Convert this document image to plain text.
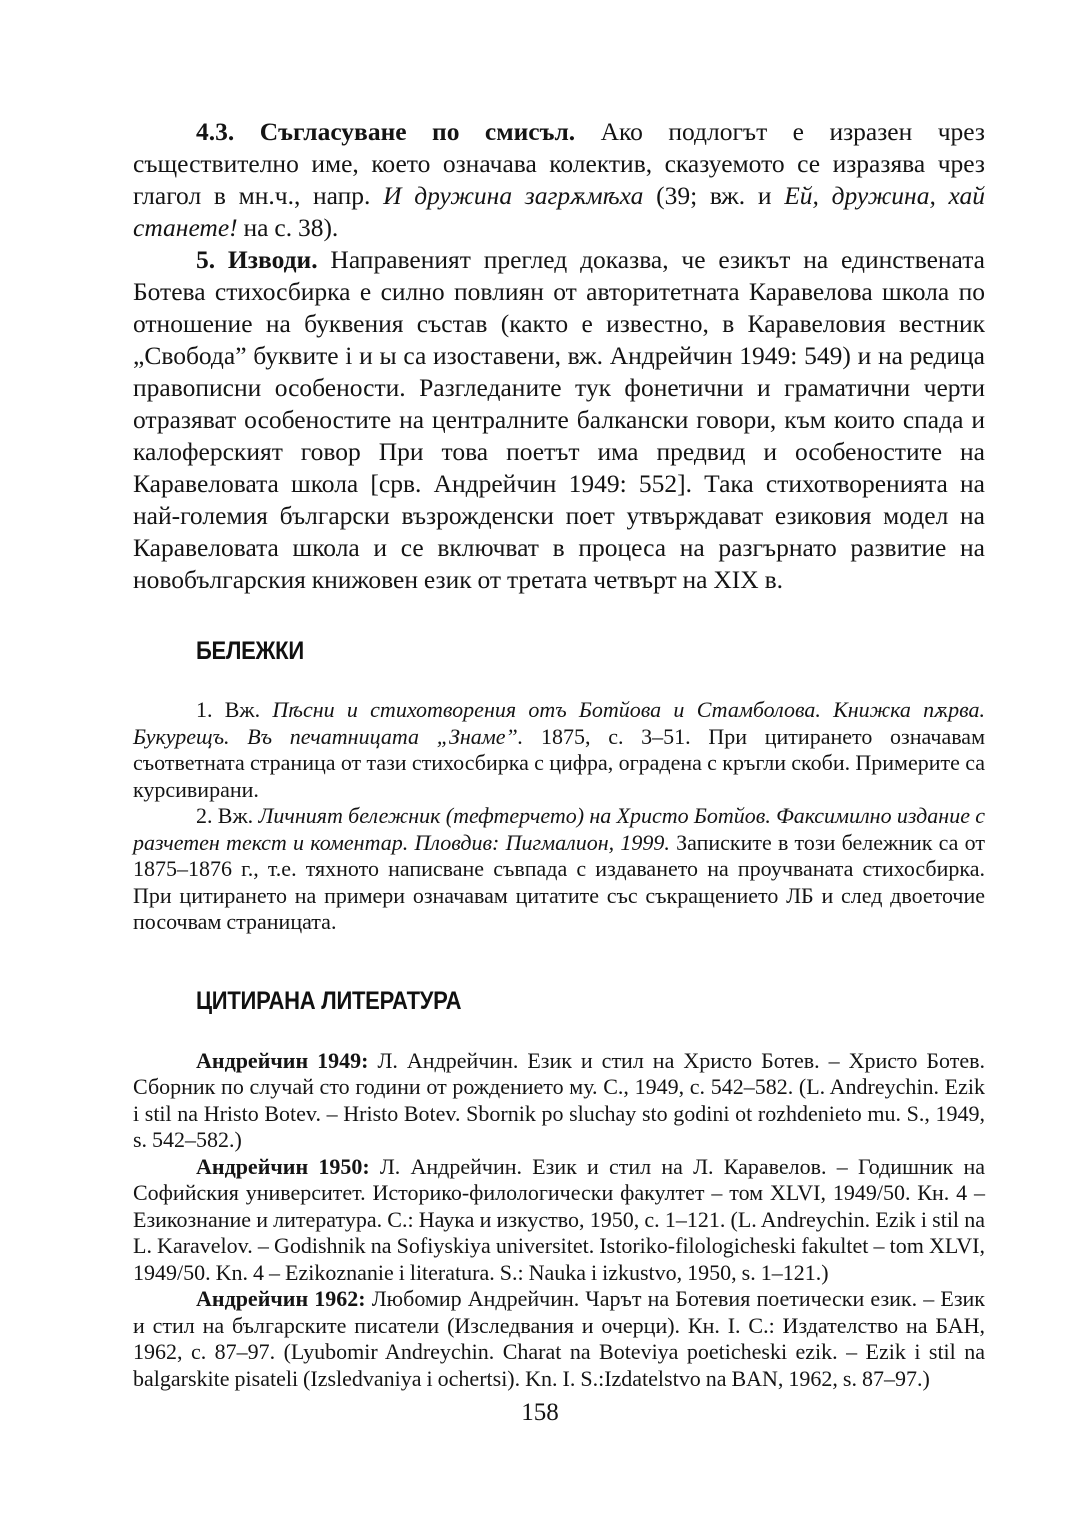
4.3. Съгласуване по смисъл. Ако подлогът е изразен чрез съществително име, което означава колектив, сказуемото се изразява чрез глагол в мн.ч., напр. И дружина загрѫмѣха (39; вж. и Ей, дружина, хай станете! на с. 38).

5. Изводи. Направеният преглед доказва, че езикът на единствената Ботева стихосбирка е силно повлиян от авторитетната Каравелова школа по отношение на буквения състав (както е известно, в Каравеловия вестник „Свобода” буквите i и ы са изоставени, вж. Андрейчин 1949: 549) и на редица правописни особености. Разгледаните тук фонетични и граматични черти отразяват особеностите на централните балкански говори, към които спада и калоферският говор При това поетът има предвид и особеностите на Каравеловата школа [срв. Андрейчин 1949: 552]. Така стихотворенията на най-големия български възрожденски поет утвърждават езиковия модел на Каравеловата школа и се включват в процеса на разгърнато развитие на новобългарския книжовен език от третата четвърт на XIX в.

БЕЛЕЖКИ

1. Вж. Пѣсни и стихотворения отъ Ботйова и Стамболова. Книжка пѫрва. Букурещъ. Въ печатницата „Знаме”. 1875, с. 3–51. При цитирането означавам съответната страница от тази стихосбирка с цифра, оградена с кръгли скоби. Примерите са курсивирани.

2. Вж. Личният бележник (тефтерчето) на Христо Ботйов. Факсимилно издание с разчетен текст и коментар. Пловдив: Пигмалион, 1999. Записките в този бележник са от 1875–1876 г., т.е. тяхното написване съвпада с издаването на проучваната стихосбирка. При цитирането на примери означавам цитатите със съкращението ЛБ и след двоеточие посочвам страницата.

ЦИТИРАНА ЛИТЕРАТУРА

Андрейчин 1949: Л. Андрейчин. Език и стил на Христо Ботев. – Христо Ботев. Сборник по случай сто години от рождението му. С., 1949, с. 542–582. (L. Andreychin. Ezik i stil na Hristo Botev. – Hristo Botev. Sbornik po sluchay sto godini ot rozhdenieto mu. S., 1949, s. 542–582.)

Андрейчин 1950: Л. Андрейчин. Език и стил на Л. Каравелов. – Годишник на Софийския университет. Историко-филологически факултет – том XLVI, 1949/50. Кн. 4 – Езикознание и литература. С.: Наука и изкуство, 1950, с. 1–121. (L. Andreychin. Ezik i stil na L. Karavelov. – Godishnik na Sofiyskiya universitet. Istoriko-filologicheski fakultet – tom XLVI, 1949/50. Kn. 4 – Ezikoznanie i literatura. S.: Nauka i izkustvo, 1950, s. 1–121.)

Андрейчин 1962: Любомир Андрейчин. Чарът на Ботевия поетически език. – Език и стил на българските писатели (Изследвания и очерци). Кн. I. С.: Издателство на БАН, 1962, с. 87–97. (Lyubomir Andreychin. Charat na Boteviya poeticheski ezik. – Ezik i stil na balgarskite pisateli (Izsledvaniya i ochertsi). Kn. I. S.:Izdatelstvo na BAN, 1962, s. 87–97.)

158
